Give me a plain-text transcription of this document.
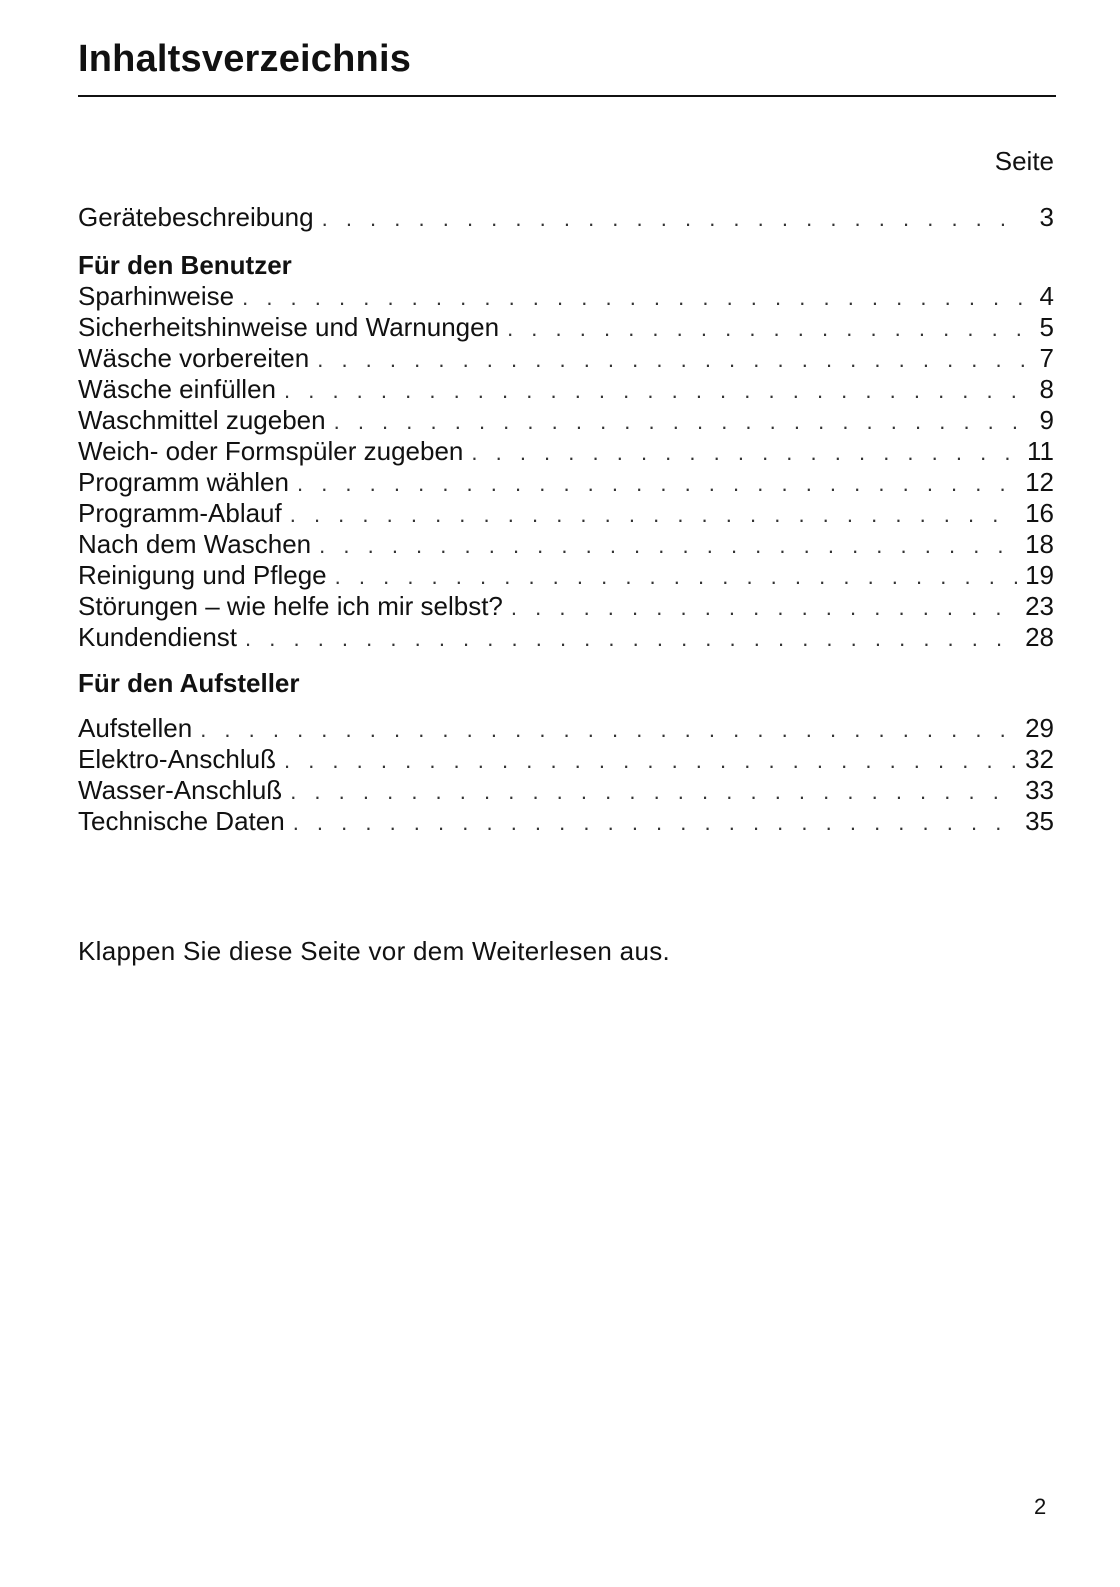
Inhaltsverzeichnis
Seite
Gerätebeschreibung . . .	3
Für den Benutzer
Sparhinweise . . .	4
Sicherheitshinweise und Warnungen . . .	5
Wäsche vorbereiten . . .	7
Wäsche einfüllen . . .	8
Waschmittel zugeben . . .	9
Weich- oder Formspüler zugeben . . .	11
Programm wählen . . .	12
Programm-Ablauf . . .	16
Nach dem Waschen . . .	18
Reinigung und Pflege . . .	19
Störungen – wie helfe ich mir selbst? . . .	23
Kundendienst . . .	28
Für den Aufsteller
Aufstellen . . .	29
Elektro-Anschluß . . .	32
Wasser-Anschluß . . .	33
Technische Daten . . .	35
Klappen Sie diese Seite vor dem Weiterlesen aus.
2
